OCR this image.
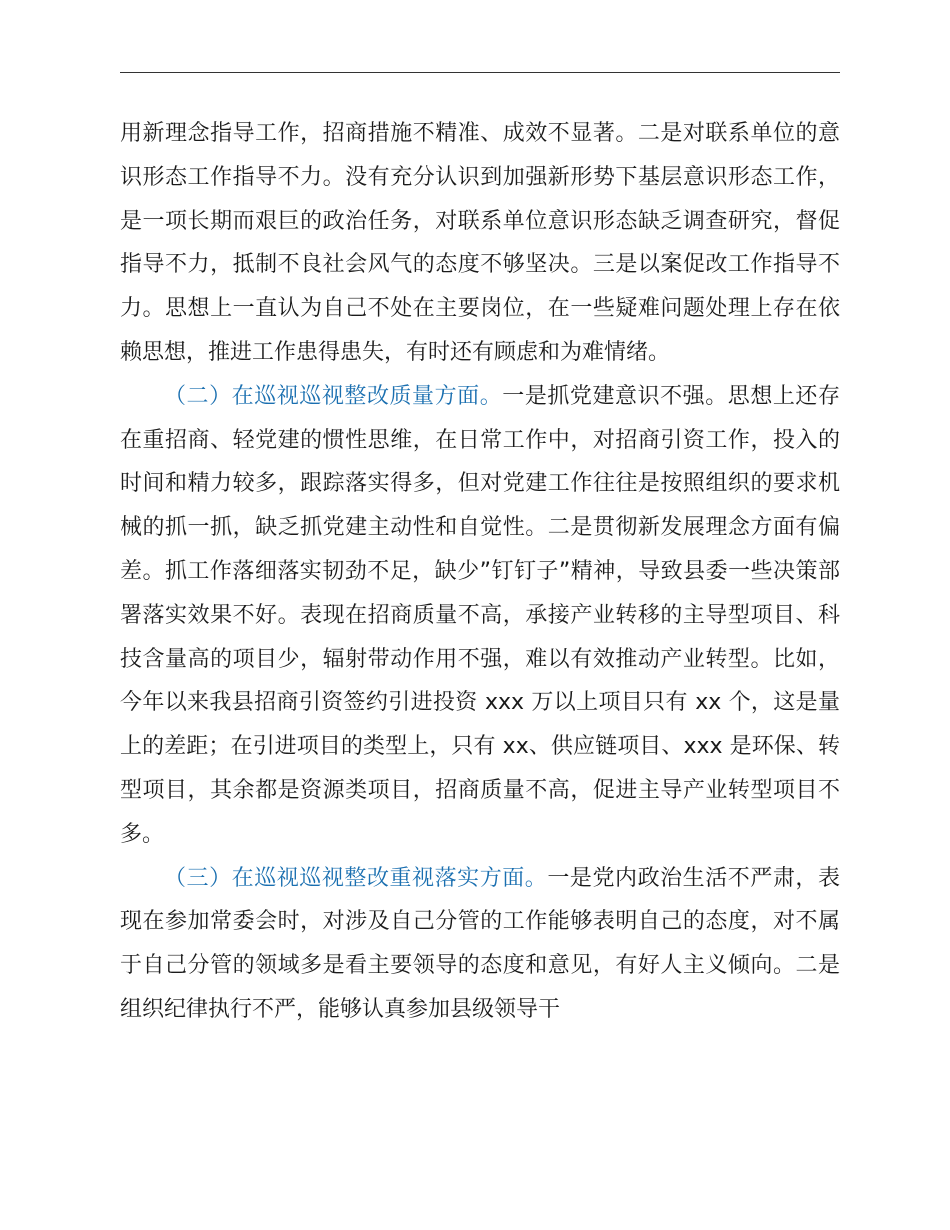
用新理念指导工作，招商措施不精准、成效不显著。二是对联系单位的意识形态工作指导不力。没有充分认识到加强新形势下基层意识形态工作，是一项长期而艰巨的政治任务，对联系单位意识形态缺乏调查研究，督促指导不力，抵制不良社会风气的态度不够坚决。三是以案促改工作指导不力。思想上一直认为自己不处在主要岗位，在一些疑难问题处理上存在依赖思想，推进工作患得患失，有时还有顾虑和为难情绪。

（二）在巡视巡视整改质量方面。一是抓党建意识不强。思想上还存在重招商、轻党建的惯性思维，在日常工作中，对招商引资工作，投入的时间和精力较多，跟踪落实得多，但对党建工作往往是按照组织的要求机械的抓一抓，缺乏抓党建主动性和自觉性。二是贯彻新发展理念方面有偏差。抓工作落细落实韧劲不足，缺少”钉钉子”精神，导致县委一些决策部署落实效果不好。表现在招商质量不高，承接产业转移的主导型项目、科技含量高的项目少，辐射带动作用不强，难以有效推动产业转型。比如，今年以来我县招商引资签约引进投资 xxx 万以上项目只有 xx 个，这是量上的差距；在引进项目的类型上，只有 xx、供应链项目、xxx 是环保、转型项目，其余都是资源类项目，招商质量不高，促进主导产业转型项目不多。

（三）在巡视巡视整改重视落实方面。一是党内政治生活不严肃，表现在参加常委会时，对涉及自己分管的工作能够表明自己的态度，对不属于自己分管的领域多是看主要领导的态度和意见，有好人主义倾向。二是组织纪律执行不严，能够认真参加县级领导干
